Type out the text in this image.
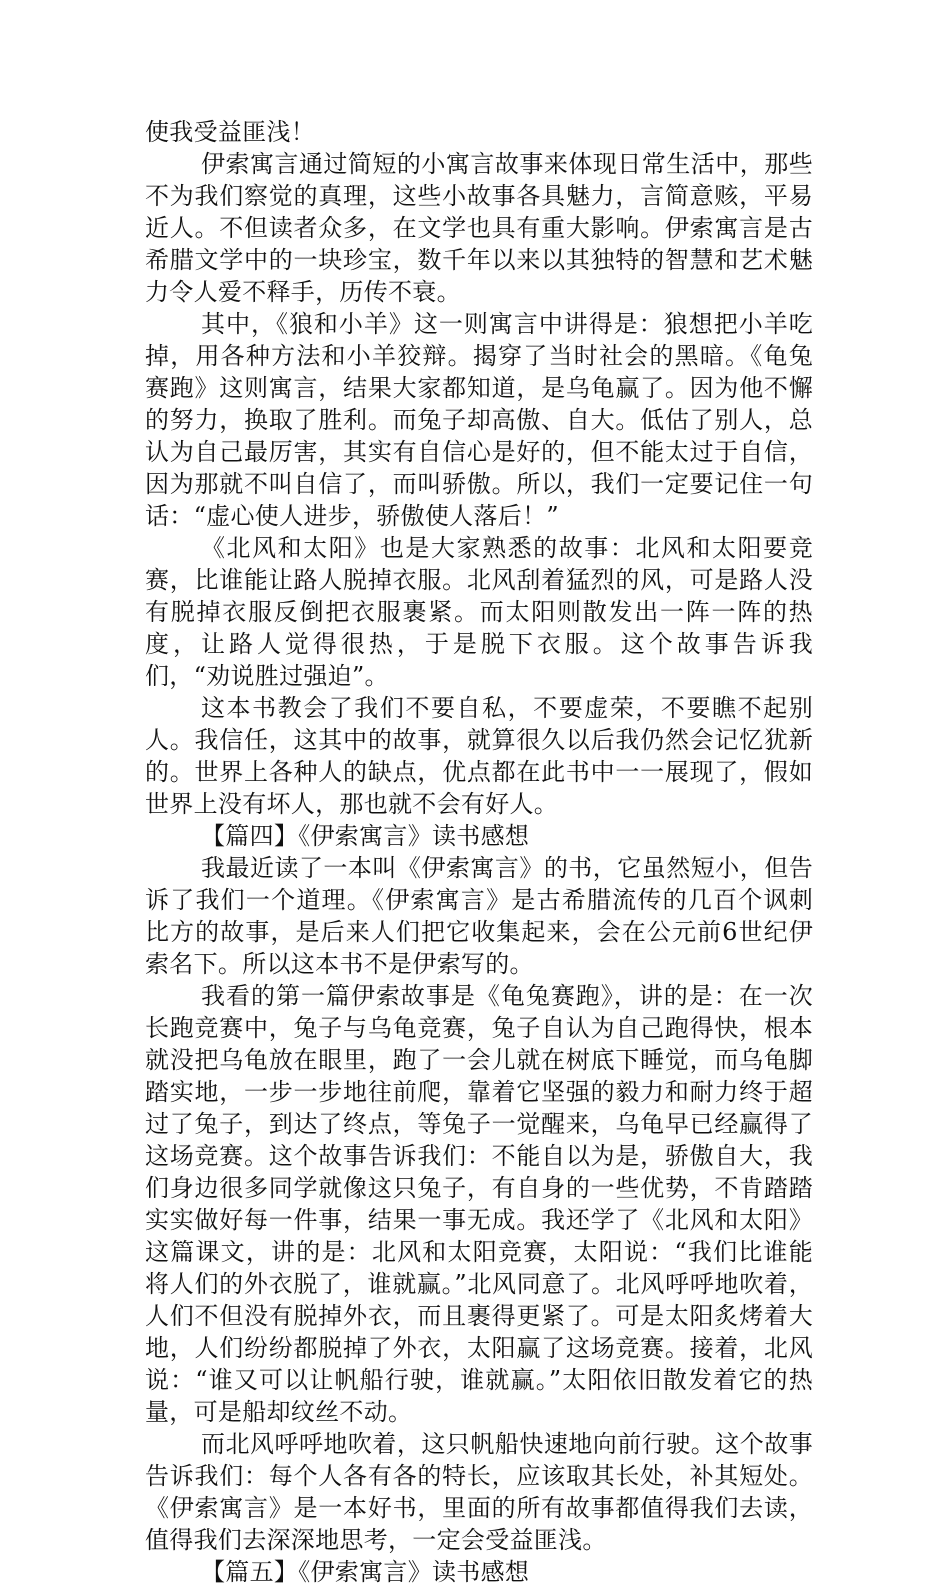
使我受益匪浅！

伊索寓言通过简短的小寓言故事来体现日常生活中，那些不为我们察觉的真理，这些小故事各具魅力，言简意赅，平易近人。不但读者众多，在文学也具有重大影响。伊索寓言是古希腊文学中的一块珍宝，数千年以来以其独特的智慧和艺术魅力令人爱不释手，历传不衰。

其中，《狼和小羊》这一则寓言中讲得是：狼想把小羊吃掉，用各种方法和小羊狡辩。揭穿了当时社会的黑暗。《龟兔赛跑》这则寓言，结果大家都知道，是乌龟赢了。因为他不懈的努力，换取了胜利。而兔子却高傲、自大。低估了别人，总认为自己最厉害，其实有自信心是好的，但不能太过于自信，因为那就不叫自信了，而叫骄傲。所以，我们一定要记住一句话：“虚心使人进步，骄傲使人落后！”

《北风和太阳》也是大家熟悉的故事：北风和太阳要竞赛，比谁能让路人脱掉衣服。北风刮着猛烈的风，可是路人没有脱掉衣服反倒把衣服裹紧。而太阳则散发出一阵一阵的热度，让路人觉得很热，于是脱下衣服。这个故事告诉我们，“劝说胜过强迫”。

这本书教会了我们不要自私，不要虚荣，不要瞧不起别人。我信任，这其中的故事，就算很久以后我仍然会记忆犹新的。世界上各种人的缺点，优点都在此书中一一展现了，假如世界上没有坏人，那也就不会有好人。

【篇四】《伊索寓言》读书感想

我最近读了一本叫《伊索寓言》的书，它虽然短小，但告诉了我们一个道理。《伊索寓言》是古希腊流传的几百个讽刺比方的故事，是后来人们把它收集起来，会在公元前6世纪伊索名下。所以这本书不是伊索写的。

我看的第一篇伊索故事是《龟兔赛跑》，讲的是：在一次长跑竞赛中，兔子与乌龟竞赛，兔子自认为自己跑得快，根本就没把乌龟放在眼里，跑了一会儿就在树底下睡觉，而乌龟脚踏实地，一步一步地往前爬，靠着它坚强的毅力和耐力终于超过了兔子，到达了终点，等兔子一觉醒来，乌龟早已经赢得了这场竞赛。这个故事告诉我们：不能自以为是，骄傲自大，我们身边很多同学就像这只兔子，有自身的一些优势，不肯踏踏实实做好每一件事，结果一事无成。我还学了《北风和太阳》这篇课文，讲的是：北风和太阳竞赛，太阳说：“我们比谁能将人们的外衣脱了，谁就赢。”北风同意了。北风呼呼地吹着，人们不但没有脱掉外衣，而且裹得更紧了。可是太阳炙烤着大地，人们纷纷都脱掉了外衣，太阳赢了这场竞赛。接着，北风说：“谁又可以让帆船行驶，谁就赢。”太阳依旧散发着它的热量，可是船却纹丝不动。

而北风呼呼地吹着，这只帆船快速地向前行驶。这个故事告诉我们：每个人各有各的特长，应该取其长处，补其短处。《伊索寓言》是一本好书，里面的所有故事都值得我们去读，值得我们去深深地思考，一定会受益匪浅。

【篇五】《伊索寓言》读书感想
